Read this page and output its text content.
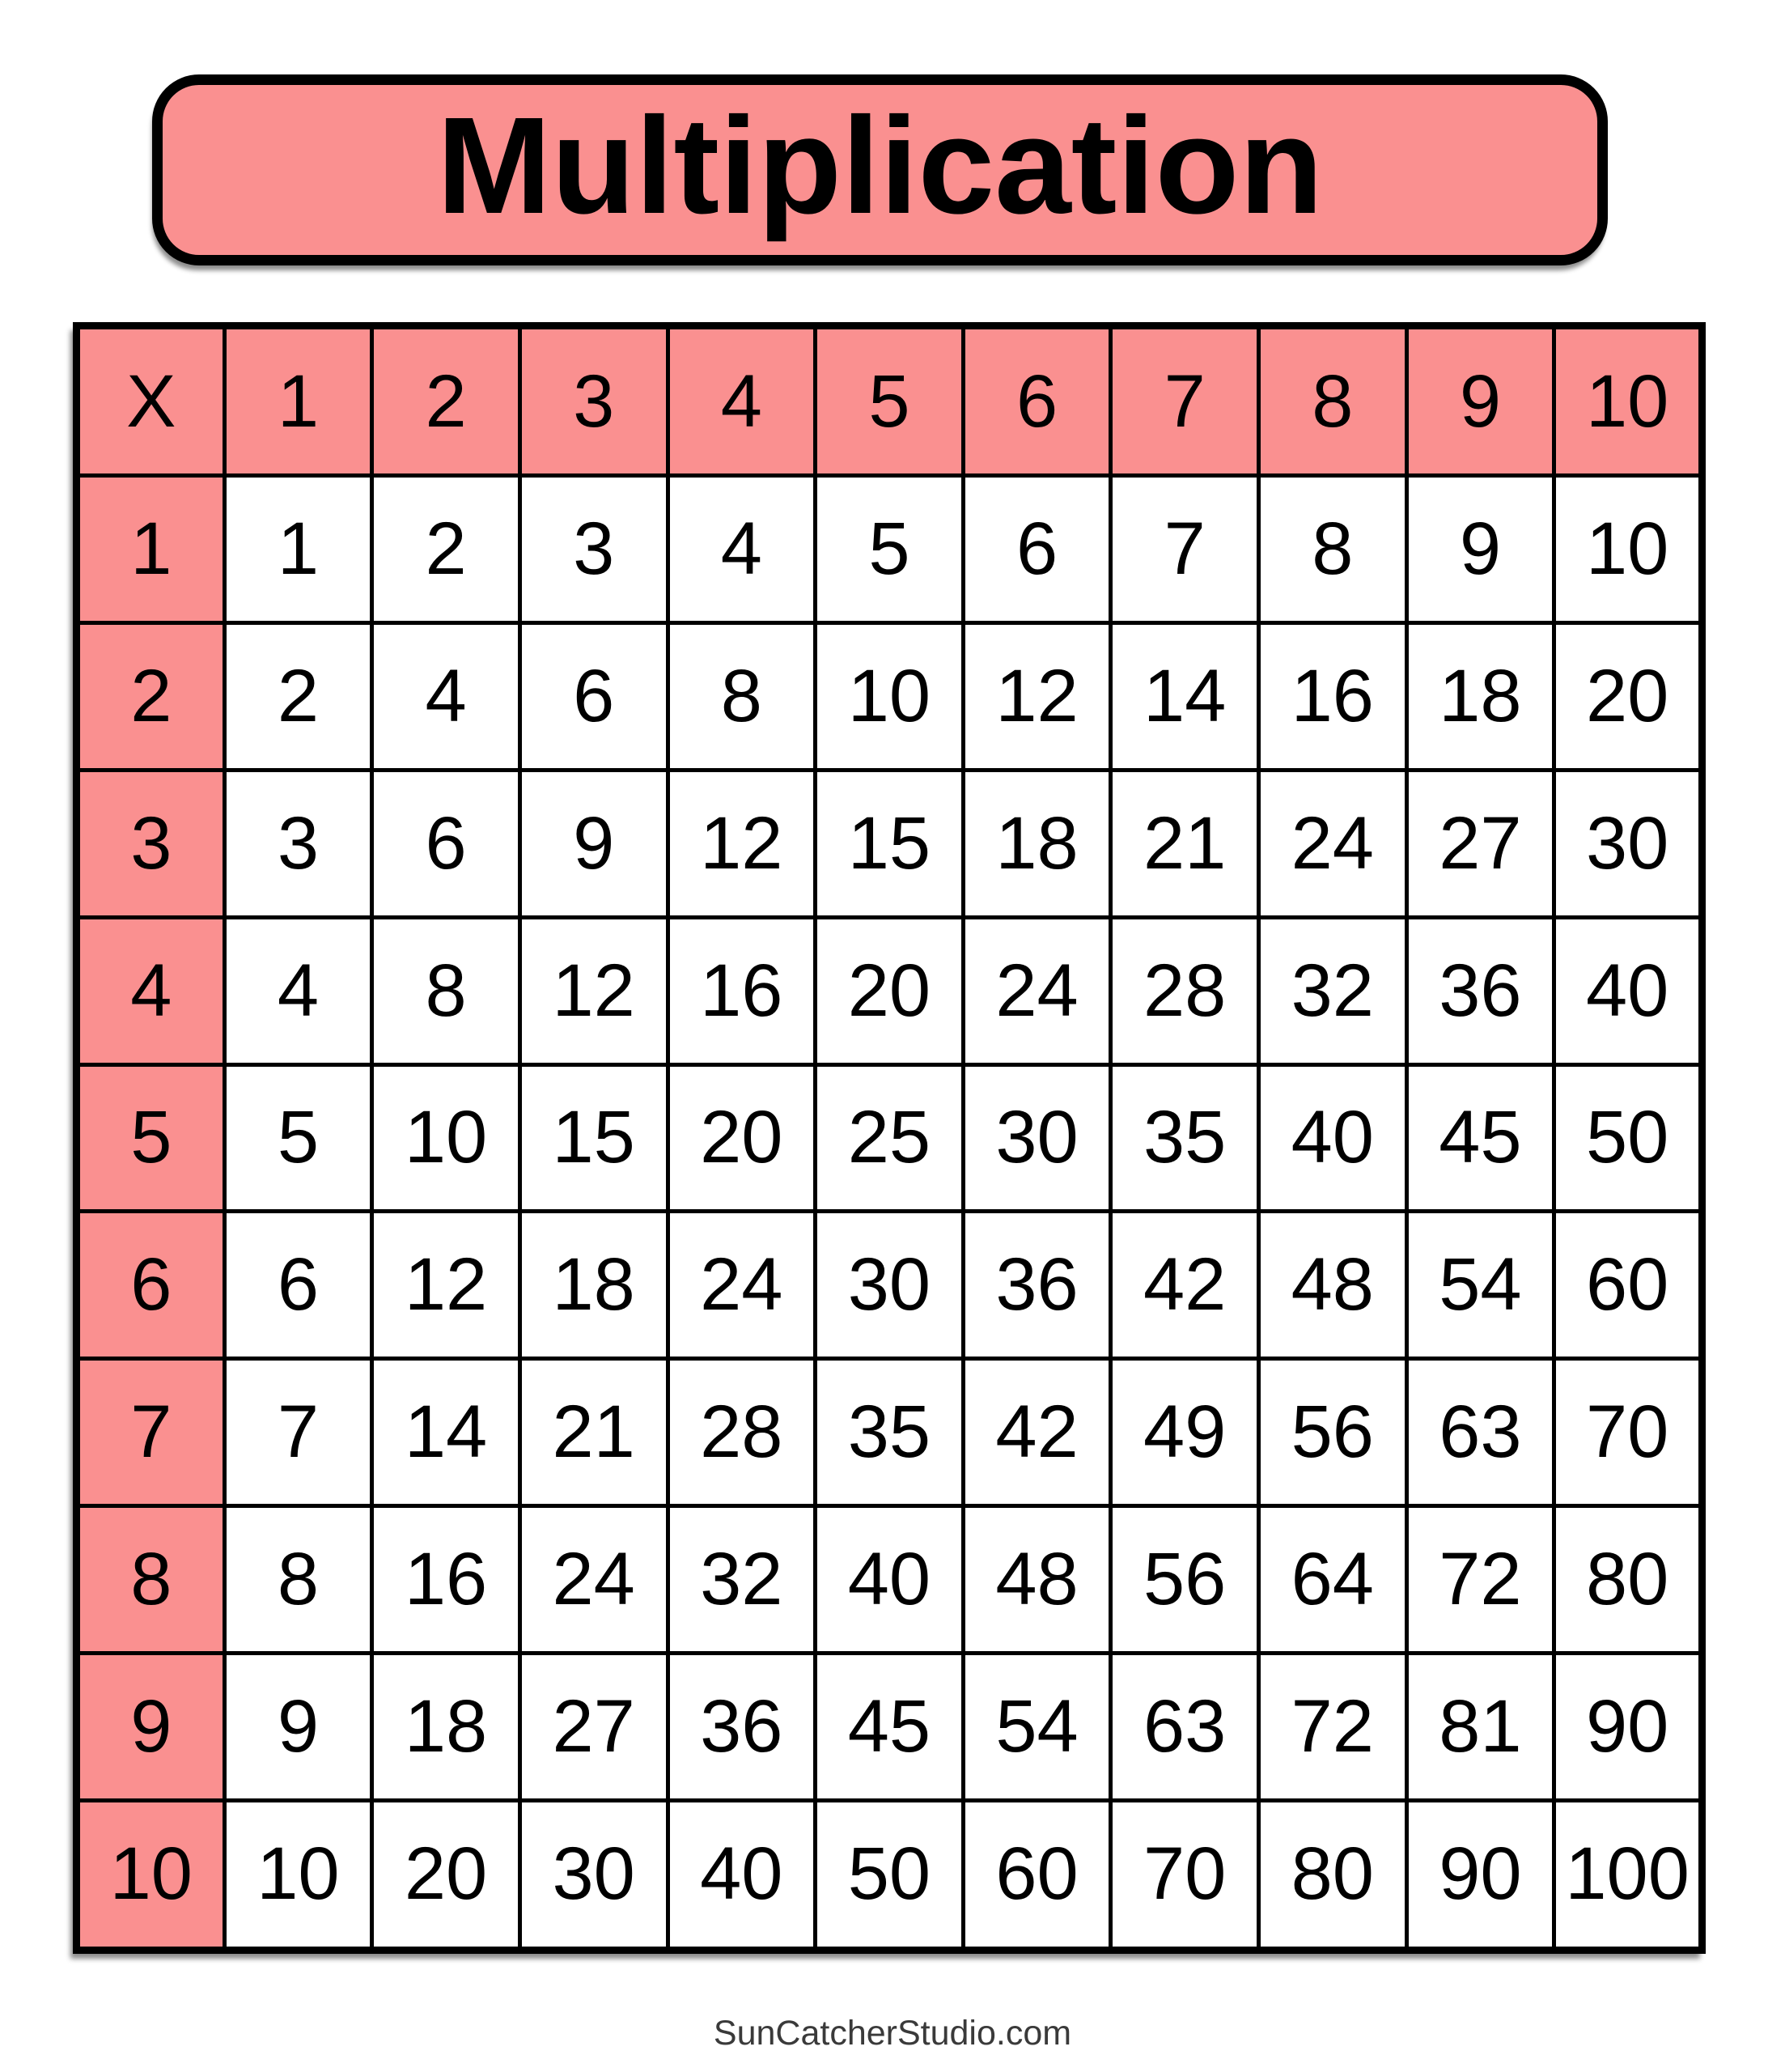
Multiplication
X	1	2	3	4	5	6	7	8	9	10
1	1	2	3	4	5	6	7	8	9	10
2	2	4	6	8	10	12	14	16	18	20
3	3	6	9	12	15	18	21	24	27	30
4	4	8	12	16	20	24	28	32	36	40
5	5	10	15	20	25	30	35	40	45	50
6	6	12	18	24	30	36	42	48	54	60
7	7	14	21	28	35	42	49	56	63	70
8	8	16	24	32	40	48	56	64	72	80
9	9	18	27	36	45	54	63	72	81	90
10	10	20	30	40	50	60	70	80	90	100
SunCatcherStudio.com
